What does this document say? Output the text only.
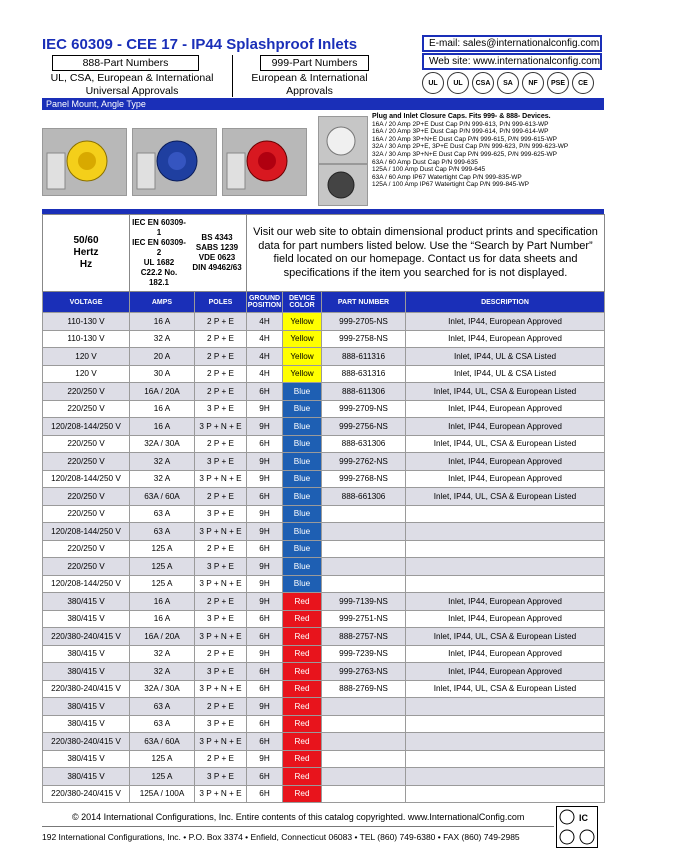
IEC 60309 - CEE 17 - IP44 Splashproof Inlets
888-Part Numbers	999-Part Numbers
UL, CSA, European & International Universal Approvals
European & International Approvals
E-mail: sales@internationalconfig.com
Web site: www.internationalconfig.com
UL	UL	CSA	SA	NF	PSE	CE
Panel Mount, Angle Type
Plug and Inlet Closure Caps. Fits 999- & 888- Devices.
16A / 20 Amp 2P+E Dust Cap P/N 999-613, P/N 999-613-WP
16A / 20 Amp 3P+E Dust Cap P/N 999-614, P/N 999-614-WP
16A / 20 Amp 3P+N+E Dust Cap P/N 999-615, P/N 999-615-WP
32A / 30 Amp 2P+E, 3P+E Dust Cap P/N 999-623, P/N 999-623-WP
32A / 30 Amp 3P+N+E Dust Cap P/N 999-625, P/N 999-625-WP
63A / 60 Amp Dust Cap P/N 999-635
125A / 100 Amp Dust Cap P/N 999-645
63A / 60 Amp IP67 Watertight Cap P/N 999-835-WP
125A / 100 Amp IP67 Watertight Cap P/N 999-845-WP
50/60
Hertz
Hz	
IEC EN 60309-1
IEC EN 60309-2
UL 1682
C22.2 No. 182.1

BS 4343
SABS 1239
VDE 0623
DIN 49462/63
	Visit our web site to obtain dimensional product prints and specification data for part numbers listed below. Use the “Search by Part Number” field located on our homepage. Contact us for data sheets and specifications if the item you searched for is not displayed.
VOLTAGE	AMPS	POLES	GROUND POSITION	DEVICE COLOR	PART NUMBER	DESCRIPTION
110-130 V	16 A	2 P + E	4H	Yellow	999-2705-NS	Inlet, IP44, European Approved
110-130 V	32 A	2 P + E	4H	Yellow	999-2758-NS	Inlet, IP44, European Approved
120 V	20 A	2 P + E	4H	Yellow	888-611316	Inlet, IP44, UL & CSA Listed
120 V	30 A	2 P + E	4H	Yellow	888-631316	Inlet, IP44, UL & CSA Listed
220/250 V	16A / 20A	2 P + E	6H	Blue	888-611306	Inlet, IP44, UL, CSA & European Listed
220/250 V	16 A	3 P + E	9H	Blue	999-2709-NS	Inlet, IP44, European Approved
120/208-144/250 V	16 A	3 P + N + E	9H	Blue	999-2756-NS	Inlet, IP44, European Approved
220/250 V	32A / 30A	2 P + E	6H	Blue	888-631306	Inlet, IP44, UL, CSA & European Listed
220/250 V	32 A	3 P + E	9H	Blue	999-2762-NS	Inlet, IP44, European Approved
120/208-144/250 V	32 A	3 P + N + E	9H	Blue	999-2768-NS	Inlet, IP44, European Approved
220/250 V	63A / 60A	2 P + E	6H	Blue	888-661306	Inlet, IP44, UL, CSA & European Listed
220/250 V	63 A	3 P + E	9H	Blue		
120/208-144/250 V	63 A	3 P + N + E	9H	Blue		
220/250 V	125 A	2 P + E	6H	Blue		
220/250 V	125 A	3 P + E	9H	Blue		
120/208-144/250 V	125 A	3 P + N + E	9H	Blue		
380/415 V	16 A	2 P + E	9H	Red	999-7139-NS	Inlet, IP44, European Approved
380/415 V	16 A	3 P + E	6H	Red	999-2751-NS	Inlet, IP44, European Approved
220/380-240/415 V	16A / 20A	3 P + N + E	6H	Red	888-2757-NS	Inlet, IP44, UL, CSA & European Listed
380/415 V	32 A	2 P + E	9H	Red	999-7239-NS	Inlet, IP44, European Approved
380/415 V	32 A	3 P + E	6H	Red	999-2763-NS	Inlet, IP44, European Approved
220/380-240/415 V	32A / 30A	3 P + N + E	6H	Red	888-2769-NS	Inlet, IP44, UL, CSA & European Listed
380/415 V	63 A	2 P + E	9H	Red		
380/415 V	63 A	3 P + E	6H	Red		
220/380-240/415 V	63A / 60A	3 P + N + E	6H	Red		
380/415 V	125 A	2 P + E	9H	Red		
380/415 V	125 A	3 P + E	6H	Red		
220/380-240/415 V	125A / 100A	3 P + N + E	6H	Red		
© 2014 International Configurations, Inc. Entire contents of this catalog copyrighted. www.InternationalConfig.com
192 International Configurations, Inc. • P.O. Box 3374 • Enfield, Connecticut 06083 • TEL (860) 749-6380 • FAX (860) 749-2985
IC
